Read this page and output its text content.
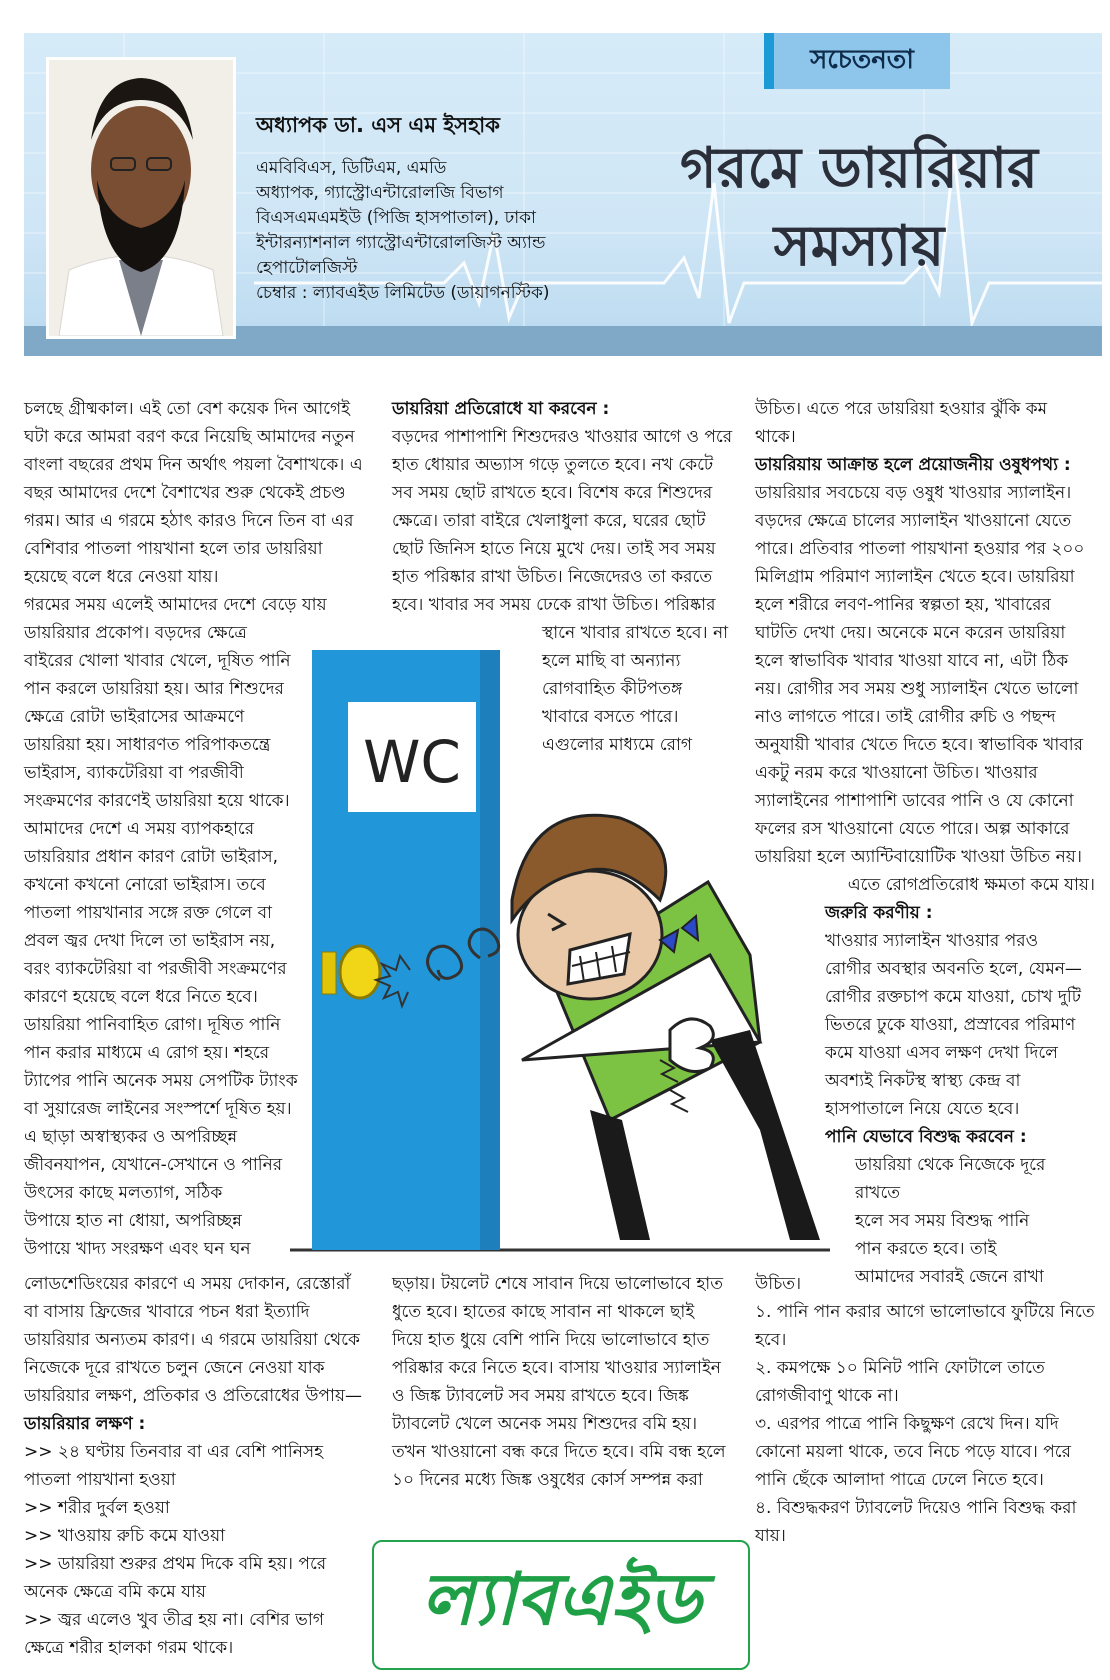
অধ্যাপক ডা. এস এম ইসহাক
এমবিবিএস, ডিটিএম, এমডি
অধ্যাপক, গ্যাস্ট্রোএন্টারোলজি বিভাগ
বিএসএমএমইউ (পিজি হাসপাতাল), ঢাকা
ইন্টারন্যাশনাল গ্যাস্ট্রোএন্টারোলজিস্ট অ্যান্ড
হেপাটোলজিস্ট
চেম্বার : ল্যাবএইড লিমিটেড (ডায়াগনস্টিক)
সচেতনতা
গরমে ডায়রিয়ার
সমস্যায়

চলছে গ্রীষ্মকাল। এই তো বেশ কয়েক দিন আগেই

ঘটা করে আমরা বরণ করে নিয়েছি আমাদের নতুন

বাংলা বছরের প্রথম দিন অর্থাৎ পয়লা বৈশাখকে। এ

বছর আমাদের দেশে বৈশাখের শুরু থেকেই প্রচণ্ড

গরম। আর এ গরমে হঠাৎ কারও দিনে তিন বা এর

বেশিবার পাতলা পায়খানা হলে তার ডায়রিয়া

হয়েছে বলে ধরে নেওয়া যায়।

গরমের সময় এলেই আমাদের দেশে বেড়ে যায়

ডায়রিয়ার প্রকোপ। বড়দের ক্ষেত্রে

বাইরের খোলা খাবার খেলে, দূষিত পানি

পান করলে ডায়রিয়া হয়। আর শিশুদের

ক্ষেত্রে রোটা ভাইরাসের আক্রমণে

ডায়রিয়া হয়। সাধারণত পরিপাকতন্ত্রে

ভাইরাস, ব্যাকটেরিয়া বা পরজীবী

সংক্রমণের কারণেই ডায়রিয়া হয়ে থাকে।

আমাদের দেশে এ সময় ব্যাপকহারে

ডায়রিয়ার প্রধান কারণ রোটা ভাইরাস,

কখনো কখনো নোরো ভাইরাস। তবে

পাতলা পায়খানার সঙ্গে রক্ত গেলে বা

প্রবল জ্বর দেখা দিলে তা ভাইরাস নয়,

বরং ব্যাকটেরিয়া বা পরজীবী সংক্রমণের

কারণে হয়েছে বলে ধরে নিতে হবে।

ডায়রিয়া পানিবাহিত রোগ। দূষিত পানি

পান করার মাধ্যমে এ রোগ হয়। শহরে

ট্যাপের পানি অনেক সময় সেপটিক ট্যাংক

বা সুয়ারেজ লাইনের সংস্পর্শে দূষিত হয়।

এ ছাড়া অস্বাস্থ্যকর ও অপরিচ্ছন্ন

জীবনযাপন, যেখানে-সেখানে ও পানির

উৎসের কাছে মলত্যাগ, সঠিক

উপায়ে হাত না ধোয়া, অপরিচ্ছন্ন

উপায়ে খাদ্য সংরক্ষণ এবং ঘন ঘন

লোডশেডিংয়ের কারণে এ সময় দোকান, রেস্তোরাঁ

বা বাসায় ফ্রিজের খাবারে পচন ধরা ইত্যাদি

ডায়রিয়ার অন্যতম কারণ। এ গরমে ডায়রিয়া থেকে

নিজেকে দূরে রাখতে চলুন জেনে নেওয়া যাক

ডায়রিয়ার লক্ষণ, প্রতিকার ও প্রতিরোধের উপায়—

ডায়রিয়ার লক্ষণ :

>> ২৪ ঘণ্টায় তিনবার বা এর বেশি পানিসহ

পাতলা পায়খানা হওয়া

>> শরীর দুর্বল হওয়া

>> খাওয়ায় রুচি কমে যাওয়া

>> ডায়রিয়া শুরুর প্রথম দিকে বমি হয়। পরে

অনেক ক্ষেত্রে বমি কমে যায়

>> জ্বর এলেও খুব তীব্র হয় না। বেশির ভাগ

ক্ষেত্রে শরীর হালকা গরম থাকে।

ডায়রিয়া প্রতিরোধে যা করবেন :

বড়দের পাশাপাশি শিশুদেরও খাওয়ার আগে ও পরে

হাত ধোয়ার অভ্যাস গড়ে তুলতে হবে। নখ কেটে

সব সময় ছোট রাখতে হবে। বিশেষ করে শিশুদের

ক্ষেত্রে। তারা বাইরে খেলাধুলা করে, ঘরের ছোট

ছোট জিনিস হাতে নিয়ে মুখে দেয়। তাই সব সময়

হাত পরিষ্কার রাখা উচিত। নিজেদেরও তা করতে

হবে। খাবার সব সময় ঢেকে রাখা উচিত। পরিষ্কার

স্থানে খাবার রাখতে হবে। না

হলে মাছি বা অন্যান্য

রোগবাহিত কীটপতঙ্গ

খাবারে বসতে পারে।

এগুলোর মাধ্যমে রোগ

ছড়ায়। টয়লেট শেষে সাবান দিয়ে ভালোভাবে হাত

ধুতে হবে। হাতের কাছে সাবান না থাকলে ছাই

দিয়ে হাত ধুয়ে বেশি পানি দিয়ে ভালোভাবে হাত

পরিষ্কার করে নিতে হবে। বাসায় খাওয়ার স্যালাইন

ও জিঙ্ক ট্যাবলেট সব সময় রাখতে হবে। জিঙ্ক

ট্যাবলেট খেলে অনেক সময় শিশুদের বমি হয়।

তখন খাওয়ানো বন্ধ করে দিতে হবে। বমি বন্ধ হলে

১০ দিনের মধ্যে জিঙ্ক ওষুধের কোর্স সম্পন্ন করা

উচিত। এতে পরে ডায়রিয়া হওয়ার ঝুঁকি কম

থাকে।

ডায়রিয়ায় আক্রান্ত হলে প্রয়োজনীয় ওষুধপথ্য :

ডায়রিয়ার সবচেয়ে বড় ওষুধ খাওয়ার স্যালাইন।

বড়দের ক্ষেত্রে চালের স্যালাইন খাওয়ানো যেতে

পারে। প্রতিবার পাতলা পায়খানা হওয়ার পর ২০০

মিলিগ্রাম পরিমাণ স্যালাইন খেতে হবে। ডায়রিয়া

হলে শরীরে লবণ-পানির স্বল্পতা হয়, খাবারের

ঘাটতি দেখা দেয়। অনেকে মনে করেন ডায়রিয়া

হলে স্বাভাবিক খাবার খাওয়া যাবে না, এটা ঠিক

নয়। রোগীর সব সময় শুধু স্যালাইন খেতে ভালো

নাও লাগতে পারে। তাই রোগীর রুচি ও পছন্দ

অনুযায়ী খাবার খেতে দিতে হবে। স্বাভাবিক খাবার

একটু নরম করে খাওয়ানো উচিত। খাওয়ার

স্যালাইনের পাশাপাশি ডাবের পানি ও যে কোনো

ফলের রস খাওয়ানো যেতে পারে। অল্প আকারে

ডায়রিয়া হলে অ্যান্টিবায়োটিক খাওয়া উচিত নয়।

এতে রোগপ্রতিরোধ ক্ষমতা কমে যায়।

জরুরি করণীয় :

খাওয়ার স্যালাইন খাওয়ার পরও

রোগীর অবস্থার অবনতি হলে, যেমন—

রোগীর রক্তচাপ কমে যাওয়া, চোখ দুটি

ভিতরে ঢুকে যাওয়া, প্রস্রাবের পরিমাণ

কমে যাওয়া এসব লক্ষণ দেখা দিলে

অবশ্যই নিকটস্থ স্বাস্থ্য কেন্দ্র বা

হাসপাতালে নিয়ে যেতে হবে।

পানি যেভাবে বিশুদ্ধ করবেন :

ডায়রিয়া থেকে নিজেকে দূরে রাখতে

হলে সব সময় বিশুদ্ধ পানি

পান করতে হবে। তাই

আমাদের সবারই জেনে রাখা

উচিত।

১. পানি পান করার আগে ভালোভাবে ফুটিয়ে নিতে

হবে।

২. কমপক্ষে ১০ মিনিট পানি ফোটালে তাতে

রোগজীবাণু থাকে না।

৩. এরপর পাত্রে পানি কিছুক্ষণ রেখে দিন। যদি

কোনো ময়লা থাকে, তবে নিচে পড়ে যাবে। পরে

পানি ছেঁকে আলাদা পাত্রে ঢেলে নিতে হবে।

৪. বিশুদ্ধকরণ ট্যাবলেট দিয়েও পানি বিশুদ্ধ করা

যায়।

WC
ল্যাবএইড
